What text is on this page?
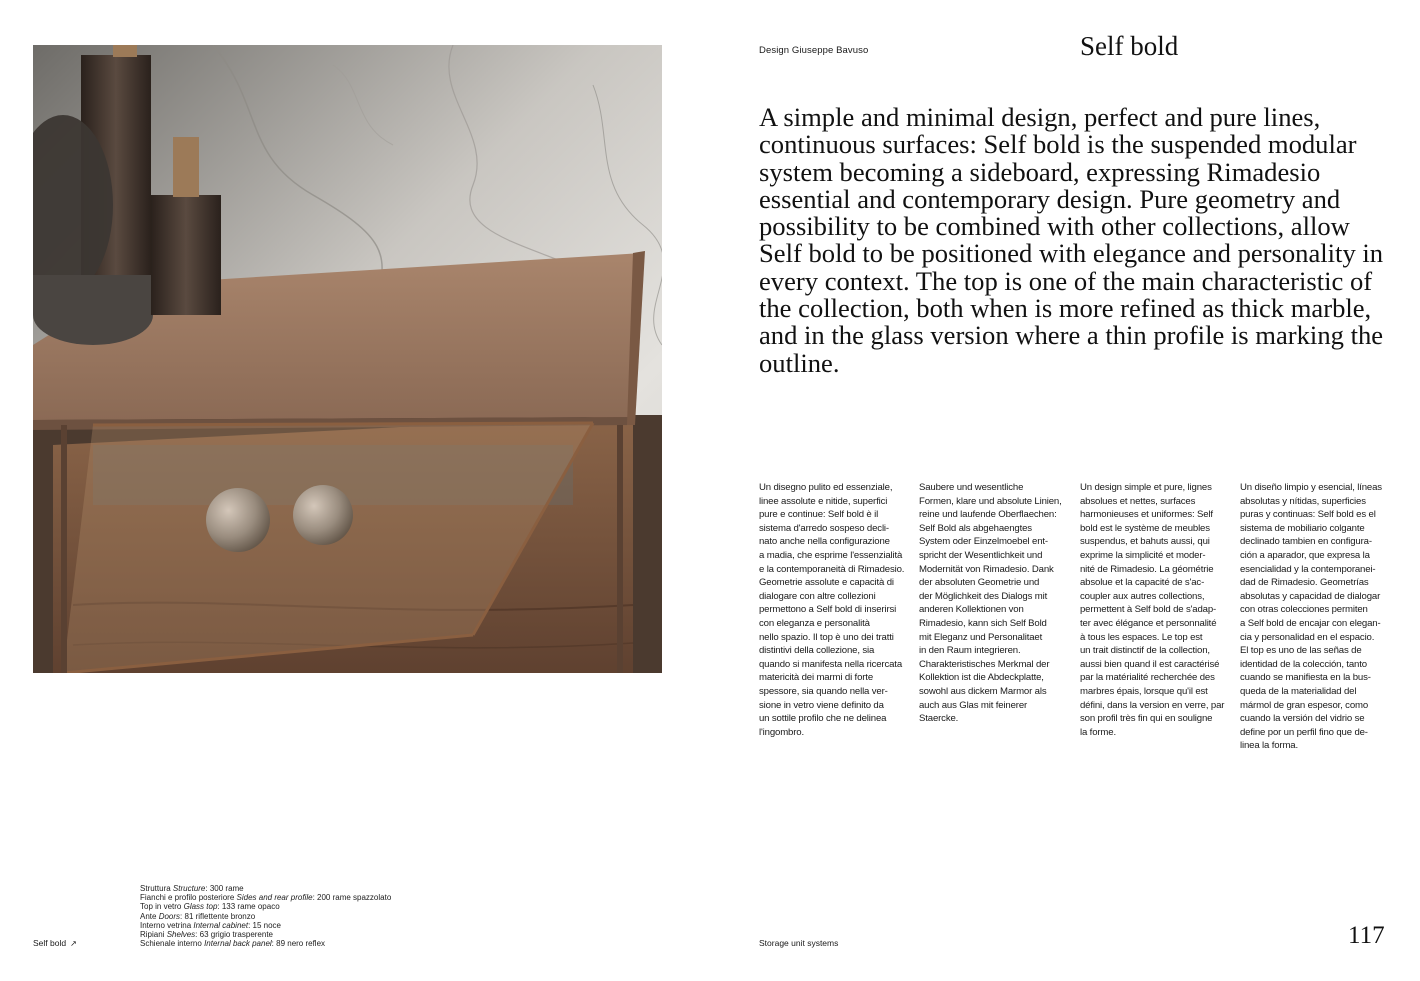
Design Giuseppe Bavuso	Self bold

A simple and minimal design, perfect and pure lines, continuous surfaces: Self bold is the suspended modular system becoming a sideboard, expressing Rimadesio essential and contemporary design. Pure geometry and possibility to be combined with other collections, allow Self bold to be positioned with elegance and personality in every context. The top is one of the main characteristic of the collection, both when is more refined as thick marble, and in the glass version where a thin profile is marking the outline.

Un disegno pulito ed essenziale,
linee assolute e nitide, superfici
pure e continue: Self bold è il
sistema d'arredo sospeso decli-
nato anche nella configurazione
a madia, che esprime l'essenzialità
e la contemporaneità di Rimadesio.
Geometrie assolute e capacità di
dialogare con altre collezioni
permettono a Self bold di inserirsi
con eleganza e personalità
nello spazio. Il top è uno dei tratti
distintivi della collezione, sia
quando si manifesta nella ricercata
matericità dei marmi di forte
spessore, sia quando nella ver-
sione in vetro viene definito da
un sottile profilo che ne delinea
l'ingombro.

Saubere und wesentliche
Formen, klare und absolute Linien,
reine und laufende Oberflaechen:
Self Bold als abgehaengtes
System oder Einzelmoebel ent-
spricht der Wesentlichkeit und
Modernität von Rimadesio. Dank
der absoluten Geometrie und
der Möglichkeit des Dialogs mit
anderen Kollektionen von
Rimadesio, kann sich Self Bold
mit Eleganz und Personalitaet
in den Raum integrieren.
Charakteristisches Merkmal der
Kollektion ist die Abdeckplatte,
sowohl aus dickem Marmor als
auch aus Glas mit feinerer
Staercke.

Un design simple et pure, lignes
absolues et nettes, surfaces
harmonieuses et uniformes: Self
bold est le système de meubles
suspendus, et bahuts aussi, qui
exprime la simplicité et moder-
nité de Rimadesio. La géométrie
absolue et la capacité de s'ac-
coupler aux autres collections,
permettent à Self bold de s'adap-
ter avec élégance et personnalité
à tous les espaces. Le top est
un trait distinctif de la collection,
aussi bien quand il est caractérisé
par la matérialité recherchée des
marbres épais, lorsque qu'il est
défini, dans la version en verre, par
son profil très fin qui en souligne
la forme.

Un diseño limpio y esencial, líneas
absolutas y nítidas, superficies
puras y continuas: Self bold es el
sistema de mobiliario colgante
declinado tambien en configura-
ción a aparador, que expresa la
esencialidad y la contemporanei-
dad de Rimadesio. Geometrías
absolutas y capacidad de dialogar
con otras colecciones permiten
a Self bold de encajar con elegan-
cia y personalidad en el espacio.
El top es uno de las señas de
identidad de la colección, tanto
cuando se manifiesta en la bus-
queda de la materialidad del
mármol de gran espesor, como
cuando la versión del vidrio se
define por un perfil fino que de-
linea la forma.

Struttura Structure: 300 rame
Fianchi e profilo posteriore Sides and rear profile: 200 rame spazzolato
Top in vetro Glass top: 133 rame opaco
Ante Doors: 81 riflettente bronzo
Interno vetrina Internal cabinet: 15 noce
Ripiani Shelves: 63 grigio trasperente
Schienale interno Internal back panel: 89 nero reflex
Self bold ↗	Storage unit systems	117
